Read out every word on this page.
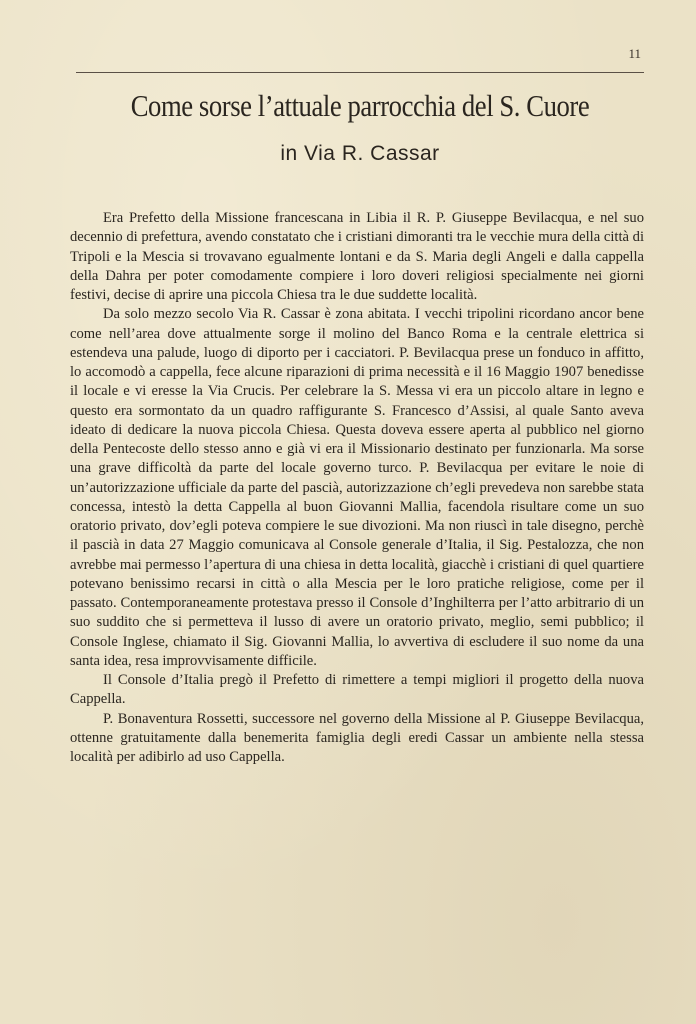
11
Come sorse l’attuale parrocchia del S. Cuore
in Via R. Cassar

Era Prefetto della Missione francescana in Libia il R. P. Giuseppe Bevilacqua, e nel suo decennio di prefettura, avendo constatato che i cristiani dimoranti tra le vecchie mura della città di Tripoli e la Mescia si trovavano egualmente lontani e da S. Maria degli Angeli e dalla cappella della Dahra per poter comodamente compiere i loro doveri religiosi specialmente nei giorni festivi, decise di aprire una piccola Chiesa tra le due suddette località.

Da solo mezzo secolo Via R. Cassar è zona abitata. I vecchi tripolini ricordano ancor bene come nell’area dove attualmente sorge il molino del Banco Roma e la centrale elettrica si estendeva una palude, luogo di diporto per i cacciatori. P. Bevilacqua prese un fonduco in affitto, lo accomodò a cappella, fece alcune riparazioni di prima necessità e il 16 Maggio 1907 benedisse il locale e vi eresse la Via Crucis. Per celebrare la S. Messa vi era un piccolo altare in legno e questo era sormontato da un quadro raffigurante S. Francesco d’Assisi, al quale Santo aveva ideato di dedicare la nuova piccola Chiesa. Questa doveva essere aperta al pubblico nel giorno della Pentecoste dello stesso anno e già vi era il Missionario destinato per funzionarla. Ma sorse una grave difficoltà da parte del locale governo turco. P. Bevilacqua per evitare le noie di un’autorizzazione ufficiale da parte del pascià, autorizzazione ch’egli prevedeva non sarebbe stata concessa, intestò la detta Cappella al buon Giovanni Mallia, facendola risultare come un suo oratorio privato, dov’egli poteva compiere le sue divozioni. Ma non riuscì in tale disegno, perchè il pascià in data 27 Maggio comunicava al Console generale d’Italia, il Sig. Pestalozza, che non avrebbe mai permesso l’apertura di una chiesa in detta località, giacchè i cristiani di quel quartiere potevano benissimo recarsi in città o alla Mescia per le loro pratiche religiose, come per il passato. Contemporaneamente protestava presso il Console d’Inghilterra per l’atto arbitrario di un suo suddito che si permetteva il lusso di avere un oratorio privato, meglio, semi pubblico; il Console Inglese, chiamato il Sig. Giovanni Mallia, lo avvertiva di escludere il suo nome da una santa idea, resa improvvisamente difficile.

Il Console d’Italia pregò il Prefetto di rimettere a tempi migliori il progetto della nuova Cappella.

P. Bonaventura Rossetti, successore nel governo della Missione al P. Giuseppe Bevilacqua, ottenne gratuitamente dalla benemerita famiglia degli eredi Cassar un ambiente nella stessa località per adibirlo ad uso Cappella.
